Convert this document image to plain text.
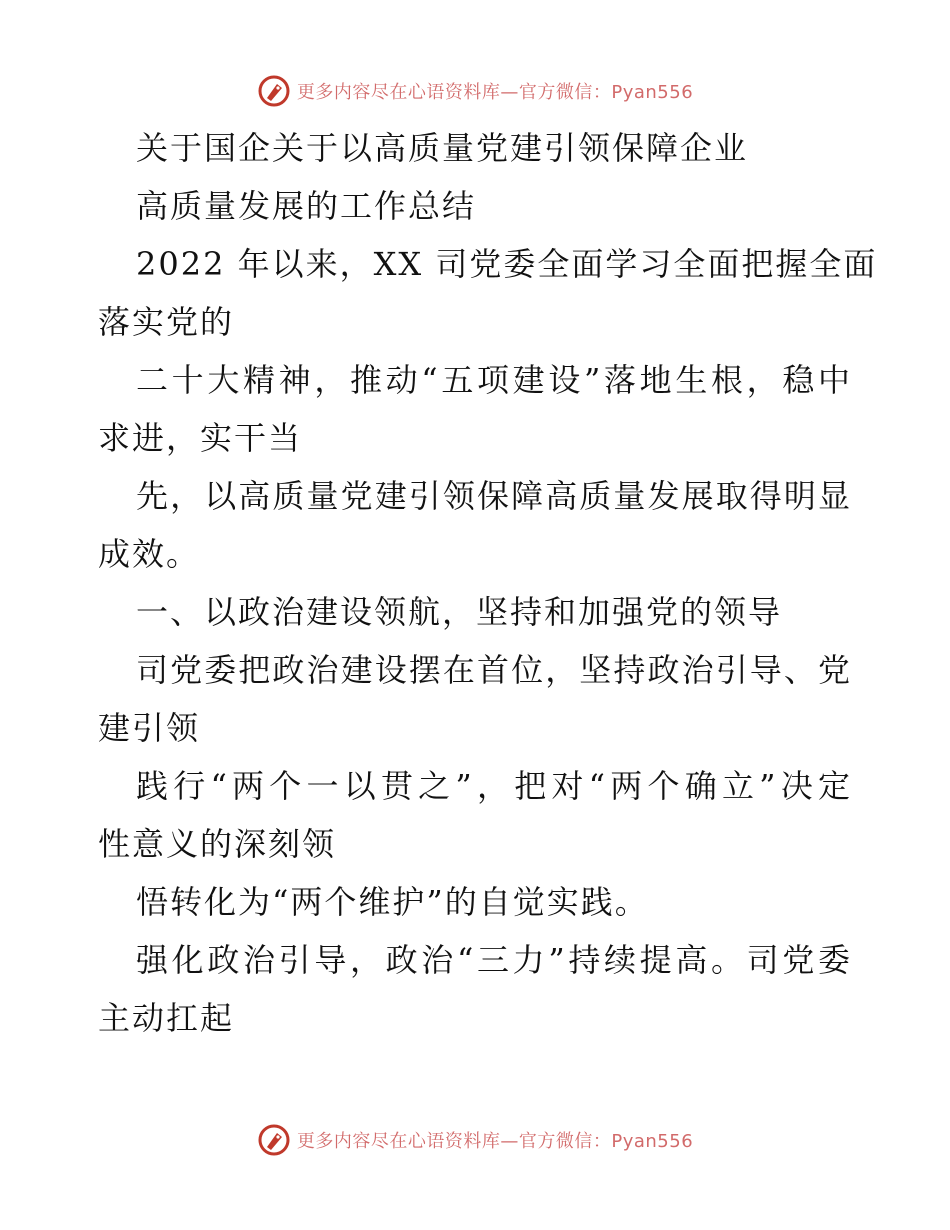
更多内容尽在心语资料库—官方微信：Pyan556
关于国企关于以高质量党建引领保障企业
高质量发展的工作总结
2022 年以来，XX 司党委全面学习全面把握全面
落实党的
二十大精神，推动“五项建设”落地生根，稳中
求进，实干当
先，以高质量党建引领保障高质量发展取得明显
成效。
一、以政治建设领航，坚持和加强党的领导
司党委把政治建设摆在首位，坚持政治引导、党
建引领
践行“两个一以贯之”，把对“两个确立”决定
性意义的深刻领
悟转化为“两个维护”的自觉实践。
强化政治引导，政治“三力”持续提高。司党委
主动扛起
更多内容尽在心语资料库—官方微信：Pyan556
